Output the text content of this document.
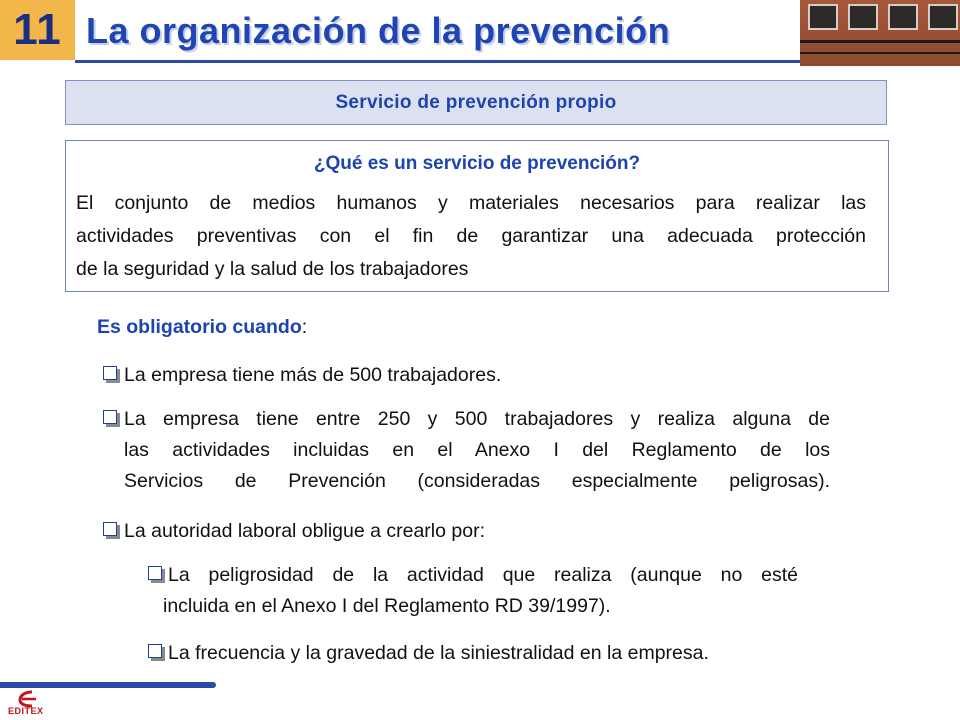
11 La organización de la prevención
Servicio de prevención propio
¿Qué es un servicio de prevención?
El conjunto de medios humanos y materiales necesarios para realizar las
actividades preventivas con el fin de garantizar una adecuada protección
de la seguridad y la salud de los trabajadores
Es obligatorio cuando:
La empresa tiene más de 500 trabajadores.
La empresa tiene entre 250 y 500 trabajadores y realiza alguna de
las actividades incluidas en el Anexo I del Reglamento de los
Servicios de Prevención (consideradas especialmente peligrosas).
La autoridad laboral obligue a crearlo por:
La peligrosidad de la actividad que realiza (aunque no esté
incluida en el Anexo I del Reglamento RD 39/1997).
La frecuencia y la gravedad de la siniestralidad en la empresa.
EDITEX
